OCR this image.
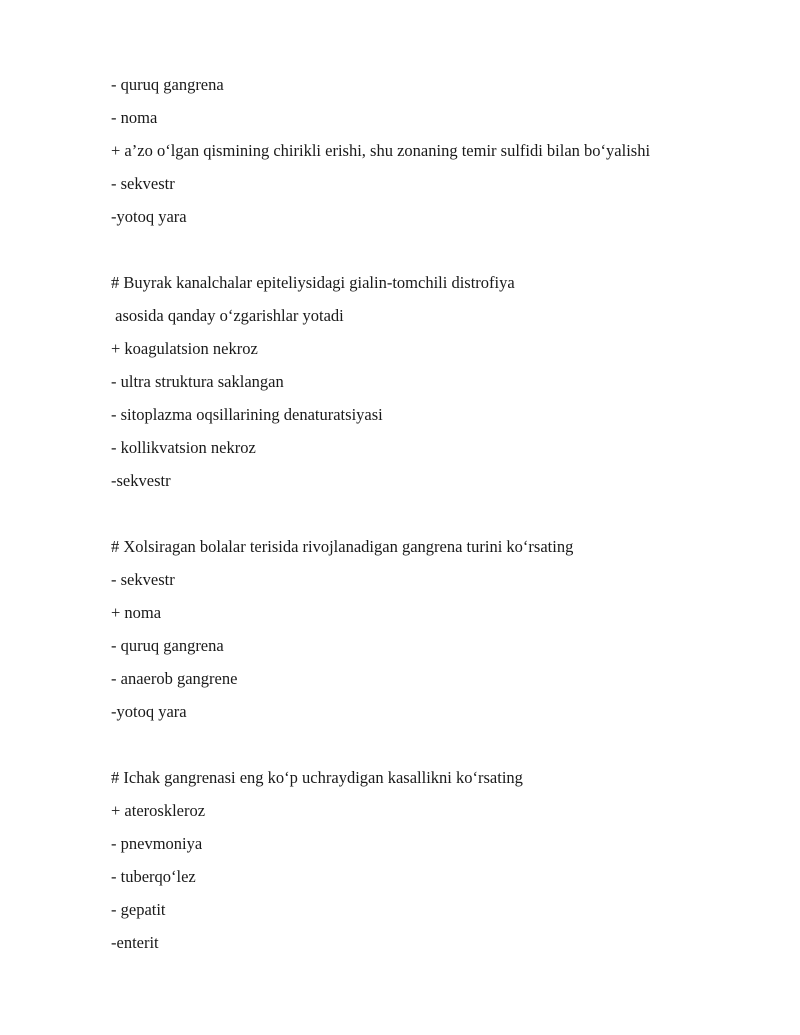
- quruq gangrena
- noma
+ a’zo o‘lgan qismining chirikli erishi, shu zonaning temir sulfidi bilan bo‘yalishi
- sekvestr
-yotoq yara
# Buyrak kanalchalar epiteliysidagi gialin-tomchili distrofiya
asosida qanday o‘zgarishlar yotadi
+ koagulatsion nekroz
- ultra struktura saklangan
- sitoplazma oqsillarining denaturatsiyasi
- kollikvatsion nekroz
-sekvestr
# Xolsiragan bolalar terisida rivojlanadigan gangrena turini ko‘rsating
- sekvestr
+ noma
- quruq gangrena
- anaerob gangrene
-yotoq yara
# Ichak gangrenasi eng ko‘p uchraydigan kasallikni ko‘rsating
+ ateroskleroz
- pnevmoniya
- tuberqo‘lez
- gepatit
-enterit
